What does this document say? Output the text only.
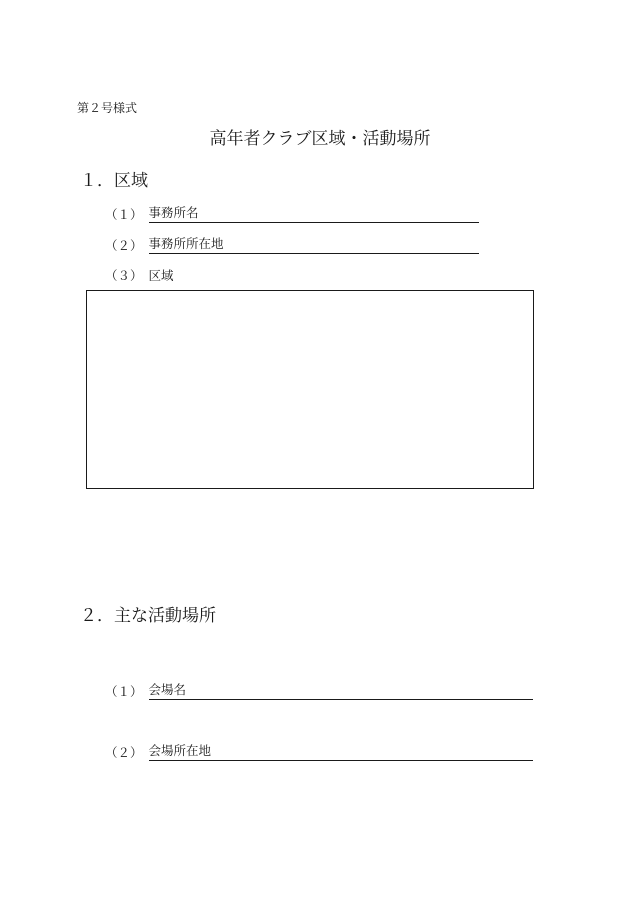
第２号様式
高年者クラブ区域・活動場所
１．区域
（１） 事務所名
（２） 事務所所在地
（３） 区域
２．主な活動場所
（１） 会場名
（２） 会場所在地
